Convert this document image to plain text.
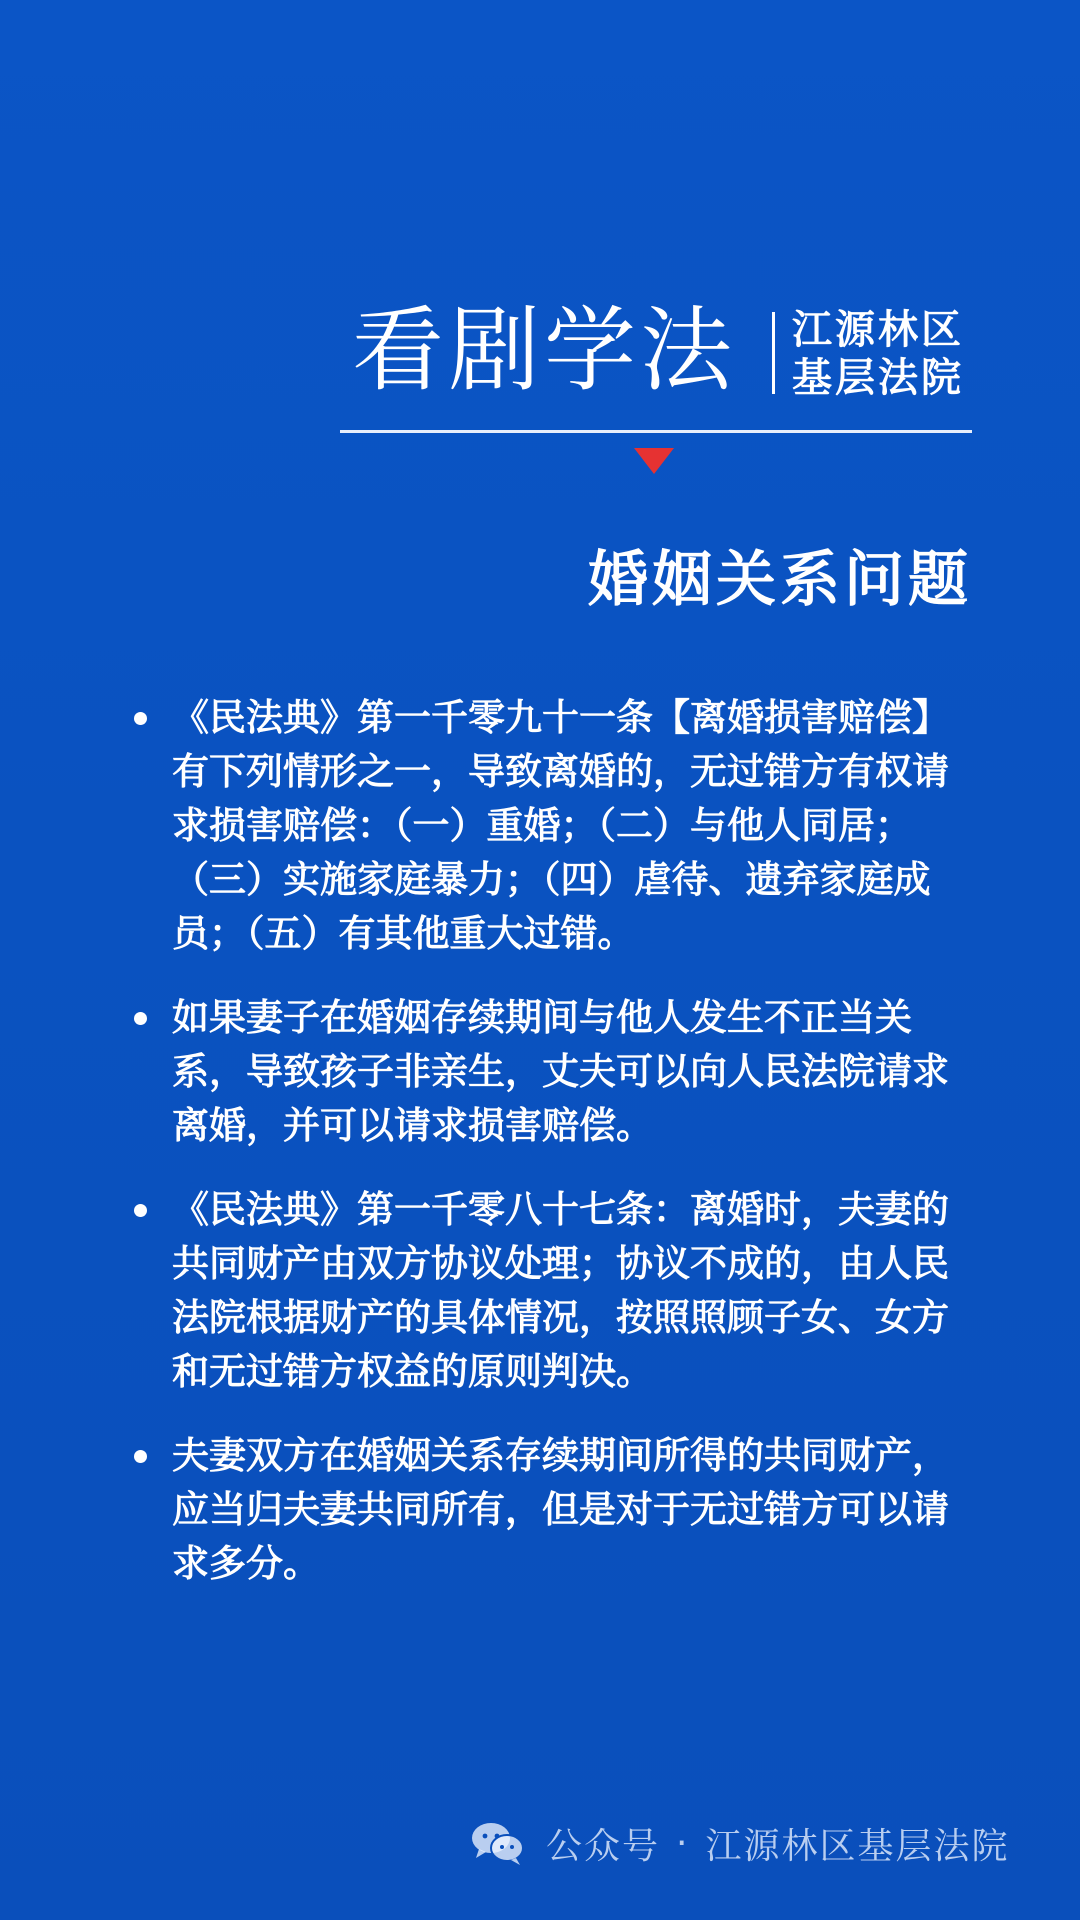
看剧学法 江源林区
基层法院
婚姻关系问题
《民法典》第一千零九十一条【离婚损害赔偿】有下列情形之一，导致离婚的，无过错方有权请求损害赔偿：（一）重婚；（二）与他人同居；（三）实施家庭暴力；（四）虐待、遗弃家庭成员；（五）有其他重大过错。
如果妻子在婚姻存续期间与他人发生不正当关系，导致孩子非亲生，丈夫可以向人民法院请求离婚，并可以请求损害赔偿。
《民法典》第一千零八十七条：离婚时，夫妻的共同财产由双方协议处理；协议不成的，由人民法院根据财产的具体情况，按照照顾子女、女方和无过错方权益的原则判决。
夫妻双方在婚姻关系存续期间所得的共同财产，应当归夫妻共同所有，但是对于无过错方可以请求多分。
公众号 · 江源林区基层法院
